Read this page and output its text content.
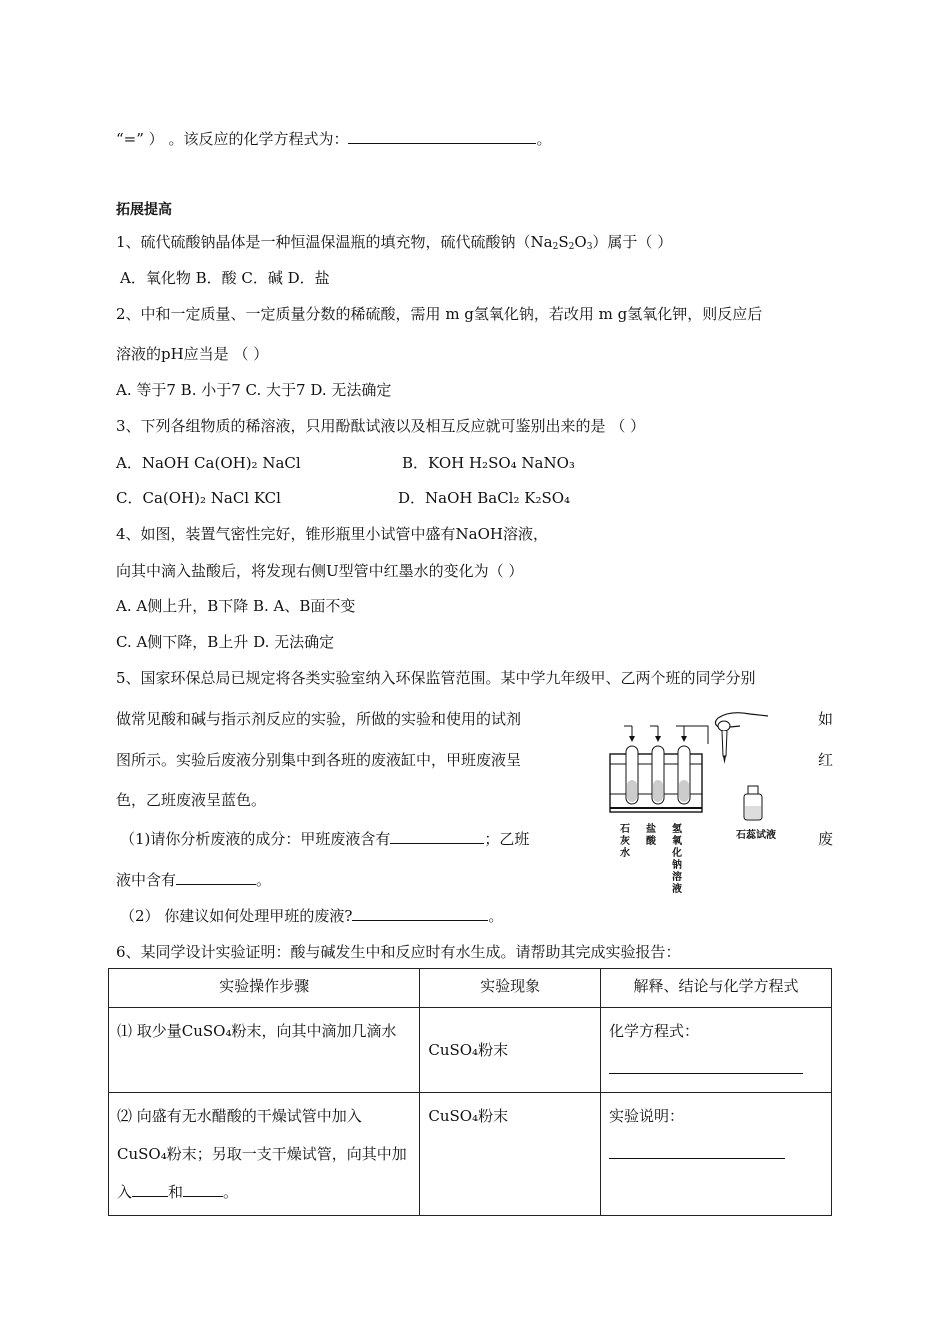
“=” ） 。该反应的化学方程式为：	。
拓展提高
1、硫代硫酸钠晶体是一种恒温保温瓶的填充物，硫代硫酸钠$(Na_2S_2O_3)$属于（ ）
A．氧化物 B．酸 C．碱 D．盐
2、中和一定质量、一定质量分数的稀硫酸，需用 m g氢氧化钠，若改用 m g氢氧化钾，则反应后
溶液的pH应当是 （ ）
A. 等于7 B. 小于7 C. 大于7 D. 无法确定
3、下列各组物质的稀溶液，只用酚酞试液以及相互反应就可鉴别出来的是 （ ）
A．NaOH Ca(OH)₂ NaCl	B．KOH H₂SO₄ NaNO₃
C．Ca(OH)₂ NaCl KCl	D．NaOH BaCl₂ K₂SO₄
4、如图，装置气密性完好，锥形瓶里小试管中盛有NaOH溶液，
向其中滴入盐酸后，将发现右侧U型管中红墨水的变化为（ ）
A. A侧上升，B下降 B. A、B面不变
C. A侧下降，B上升 D. 无法确定
5、国家环保总局已规定将各类实验室纳入环保监管范围。某中学九年级甲、乙两个班的同学分别
做常见酸和碱与指示剂反应的实验，所做的实验和使用的试剂	如
图所示。实验后废液分别集中到各班的废液缸中，甲班废液呈	红
色，乙班废液呈蓝色。
（1)请你分析废液的成分：甲班废液含有	；乙班	废
液中含有	。
（2） 你建议如何处理甲班的废液?	。
石蕊试液
石
灰
水
盐
酸
氢
氧
化
钠
溶
液
6、某同学设计实验证明：酸与碱发生中和反应时有水生成。请帮助其完成实验报告：
实验操作步骤	实验现象	解释、结论与化学方程式
⑴ 取少量CuSO₄粉末，向其中滴加几滴水	CuSO₄粉末	化学方程式：

⑵ 向盛有无水醋酸的干燥试管中加入CuSO₄粉末；另取一支干燥试管，向其中加入 和 。	CuSO₄粉末	实验说明：
